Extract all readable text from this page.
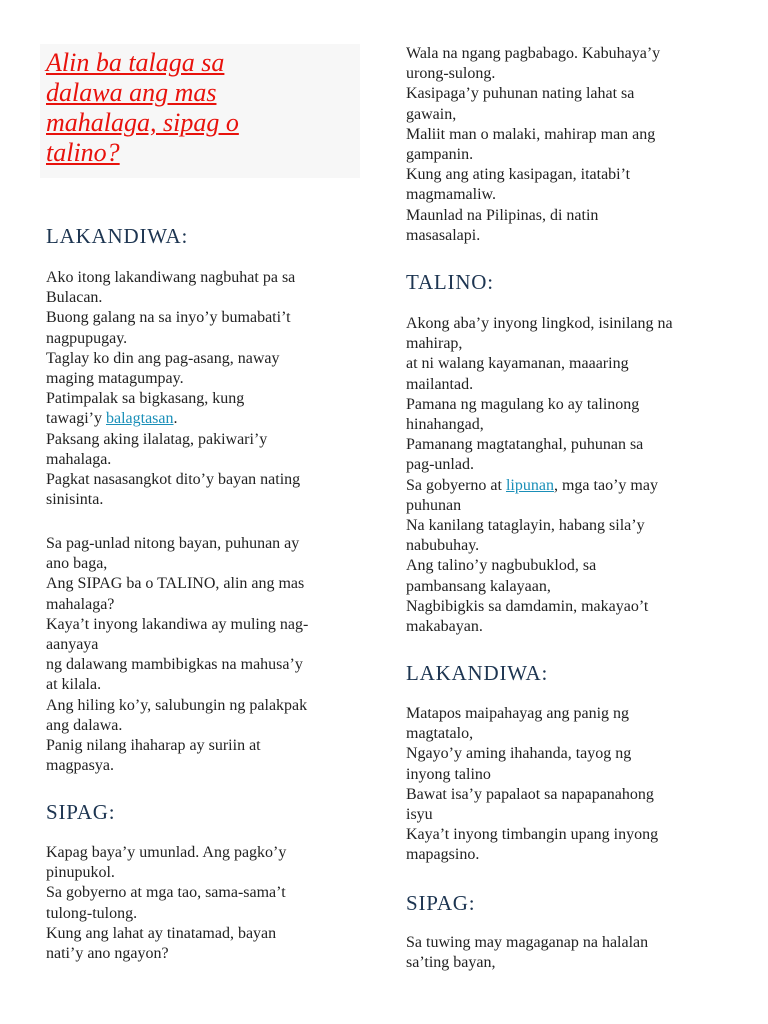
Alin ba talaga sa
dalawa ang mas
mahalaga, sipag o
talino?
LAKANDIWA:
Ako itong lakandiwang nagbuhat pa sa
Bulacan.
Buong galang na sa inyo’y bumabati’t
nagpupugay.
Taglay ko din ang pag-asang, naway
maging matagumpay.
Patimpalak sa bigkasang, kung
tawagi’y balagtasan.
Paksang aking ilalatag, pakiwari’y
mahalaga.
Pagkat nasasangkot dito’y bayan nating
sinisinta.
Sa pag-unlad nitong bayan, puhunan ay
ano baga,
Ang SIPAG ba o TALINO, alin ang mas
mahalaga?
Kaya’t inyong lakandiwa ay muling nag-
aanyaya
ng dalawang mambibigkas na mahusa’y
at kilala.
Ang hiling ko’y, salubungin ng palakpak
ang dalawa.
Panig nilang ihaharap ay suriin at
magpasya.
SIPAG:
Kapag baya’y umunlad. Ang pagko’y
pinupukol.
Sa gobyerno at mga tao, sama-sama’t
tulong-tulong.
Kung ang lahat ay tinatamad, bayan
nati’y ano ngayon?
Wala na ngang pagbabago. Kabuhaya’y
urong-sulong.
Kasipaga’y puhunan nating lahat sa
gawain,
Maliit man o malaki, mahirap man ang
gampanin.
Kung ang ating kasipagan, itatabi’t
magmamaliw.
Maunlad na Pilipinas, di natin
masasalapi.
TALINO:
Akong aba’y inyong lingkod, isinilang na
mahirap,
at ni walang kayamanan, maaaring
mailantad.
Pamana ng magulang ko ay talinong
hinahangad,
Pamanang magtatanghal, puhunan sa
pag-unlad.
Sa gobyerno at lipunan, mga tao’y may
puhunan
Na kanilang tataglayin, habang sila’y
nabubuhay.
Ang talino’y nagbubuklod, sa
pambansang kalayaan,
Nagbibigkis sa damdamin, makayao’t
makabayan.
LAKANDIWA:
Matapos maipahayag ang panig ng
magtatalo,
Ngayo’y aming ihahanda, tayog ng
inyong talino
Bawat isa’y papalaot sa napapanahong
isyu
Kaya’t inyong timbangin upang inyong
mapagsino.
SIPAG:
Sa tuwing may magaganap na halalan
sa’ting bayan,
